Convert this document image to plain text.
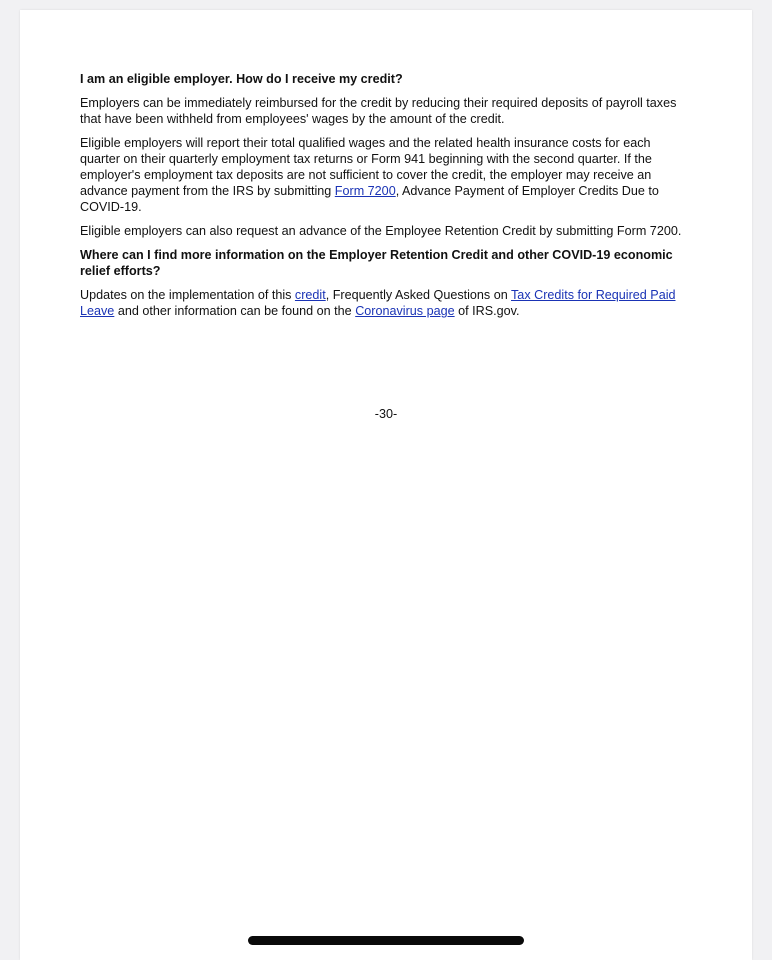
I am an eligible employer. How do I receive my credit?

Employers can be immediately reimbursed for the credit by reducing their required deposits of payroll taxes that have been withheld from employees' wages by the amount of the credit.

Eligible employers will report their total qualified wages and the related health insurance costs for each quarter on their quarterly employment tax returns or Form 941 beginning with the second quarter. If the employer's employment tax deposits are not sufficient to cover the credit, the employer may receive an advance payment from the IRS by submitting Form 7200, Advance Payment of Employer Credits Due to COVID-19.

Eligible employers can also request an advance of the Employee Retention Credit by submitting Form 7200.

Where can I find more information on the Employer Retention Credit and other COVID-19 economic relief efforts?

Updates on the implementation of this credit, Frequently Asked Questions on Tax Credits for Required Paid Leave and other information can be found on the Coronavirus page of IRS.gov.

-30-
